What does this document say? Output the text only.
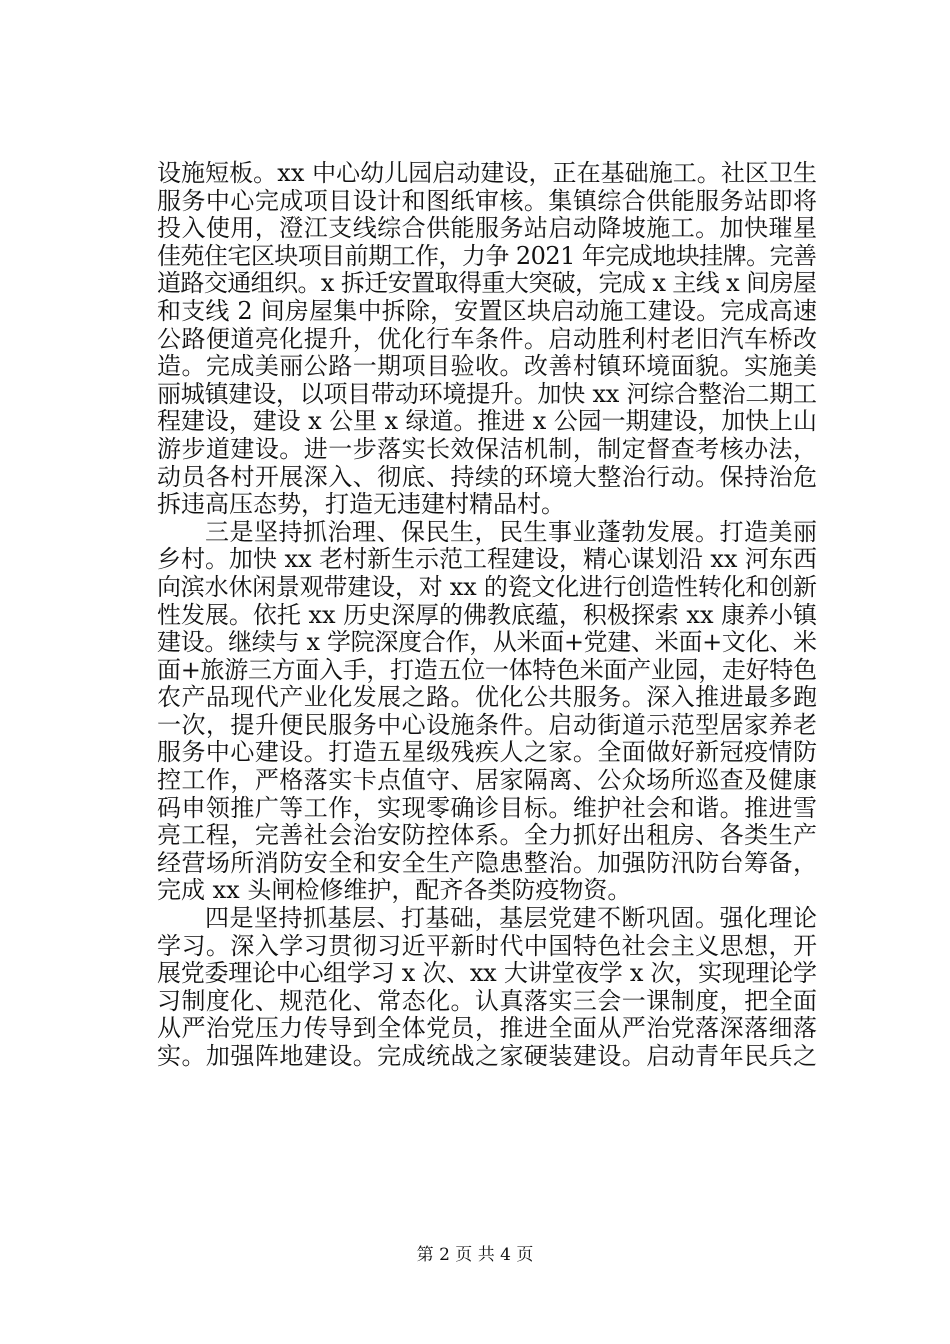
设施短板。xx 中心幼儿园启动建设，正在基础施工。社区卫生
服务中心完成项目设计和图纸审核。集镇综合供能服务站即将
投入使用，澄江支线综合供能服务站启动降坡施工。加快璀星
佳苑住宅区块项目前期工作，力争 2021 年完成地块挂牌。完善
道路交通组织。x 拆迁安置取得重大突破，完成 x 主线 x 间房屋
和支线 2 间房屋集中拆除，安置区块启动施工建设。完成高速
公路便道亮化提升，优化行车条件。启动胜利村老旧汽车桥改
造。完成美丽公路一期项目验收。改善村镇环境面貌。实施美
丽城镇建设，以项目带动环境提升。加快 xx 河综合整治二期工
程建设，建设 x 公里 x 绿道。推进 x 公园一期建设，加快上山
游步道建设。进一步落实长效保洁机制，制定督查考核办法，
动员各村开展深入、彻底、持续的环境大整治行动。保持治危
拆违高压态势，打造无违建村精品村。
三是坚持抓治理、保民生，民生事业蓬勃发展。打造美丽
乡村。加快 xx 老村新生示范工程建设，精心谋划沿 xx 河东西
向滨水休闲景观带建设，对 xx 的瓷文化进行创造性转化和创新
性发展。依托 xx 历史深厚的佛教底蕴，积极探索 xx 康养小镇
建设。继续与 x 学院深度合作，从米面+党建、米面+文化、米
面+旅游三方面入手，打造五位一体特色米面产业园，走好特色
农产品现代产业化发展之路。优化公共服务。深入推进最多跑
一次，提升便民服务中心设施条件。启动街道示范型居家养老
服务中心建设。打造五星级残疾人之家。全面做好新冠疫情防
控工作，严格落实卡点值守、居家隔离、公众场所巡查及健康
码申领推广等工作，实现零确诊目标。维护社会和谐。推进雪
亮工程，完善社会治安防控体系。全力抓好出租房、各类生产
经营场所消防安全和安全生产隐患整治。加强防汛防台筹备，
完成 xx 头闸检修维护，配齐各类防疫物资。
四是坚持抓基层、打基础，基层党建不断巩固。强化理论
学习。深入学习贯彻习近平新时代中国特色社会主义思想，开
展党委理论中心组学习 x 次、xx 大讲堂夜学 x 次，实现理论学
习制度化、规范化、常态化。认真落实三会一课制度，把全面
从严治党压力传导到全体党员，推进全面从严治党落深落细落
实。加强阵地建设。完成统战之家硬装建设。启动青年民兵之
第 2 页 共 4 页
